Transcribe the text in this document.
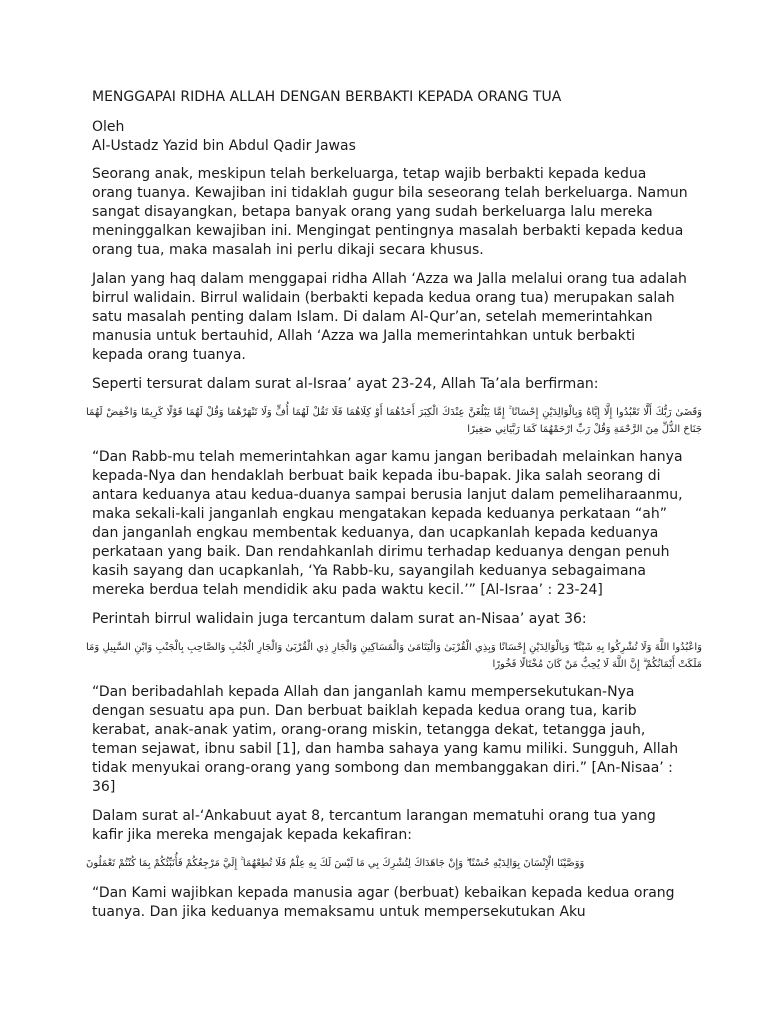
MENGGAPAI RIDHA ALLAH DENGAN BERBAKTI KEPADA ORANG TUA

Oleh

Al-Ustadz Yazid bin Abdul Qadir Jawas

Seorang anak, meskipun telah berkeluarga, tetap wajib berbakti kepada kedua orang tuanya. Kewajiban ini tidaklah gugur bila seseorang telah berkeluarga. Namun sangat disayangkan, betapa banyak orang yang sudah berkeluarga lalu mereka meninggalkan kewajiban ini. Mengingat pentingnya masalah berbakti kepada kedua orang tua, maka masalah ini perlu dikaji secara khusus.

Jalan yang haq dalam menggapai ridha Allah ‘Azza wa Jalla melalui orang tua adalah birrul walidain. Birrul walidain (berbakti kepada kedua orang tua) merupakan salah satu masalah penting dalam Islam. Di dalam Al-Qur’an, setelah memerintahkan manusia untuk bertauhid, Allah ‘Azza wa Jalla memerintahkan untuk berbakti kepada orang tuanya.

Seperti tersurat dalam surat al-Israa’ ayat 23-24, Allah Ta’ala berfirman:

وَقَضَىٰ رَبُّكَ أَلَّا تَعْبُدُوا إِلَّا إِيَّاهُ وَبِالْوَالِدَيْنِ إِحْسَانًا ۚ إِمَّا يَبْلُغَنَّ عِنْدَكَ الْكِبَرَ أَحَدُهُمَا أَوْ كِلَاهُمَا فَلَا تَقُلْ لَهُمَا أُفٍّ وَلَا تَنْهَرْهُمَا وَقُلْ لَهُمَا قَوْلًا كَرِيمًا وَاخْفِضْ لَهُمَا جَنَاحَ الذُّلِّ مِنَ الرَّحْمَةِ وَقُلْ رَبِّ ارْحَمْهُمَا كَمَا رَبَّيَانِي صَغِيرًا

“Dan Rabb-mu telah memerintahkan agar kamu jangan beribadah melainkan hanya kepada-Nya dan hendaklah berbuat baik kepada ibu-bapak. Jika salah seorang di antara keduanya atau kedua-duanya sampai berusia lanjut dalam pemeliharaanmu, maka sekali-kali janganlah engkau mengatakan kepada keduanya perkataan “ah” dan janganlah engkau membentak keduanya, dan ucapkanlah kepada keduanya perkataan yang baik. Dan rendahkanlah dirimu terhadap keduanya dengan penuh kasih sayang dan ucapkanlah, ‘Ya Rabb-ku, sayangilah keduanya sebagaimana mereka berdua telah mendidik aku pada waktu kecil.’” [Al-Israa’ : 23-24]

Perintah birrul walidain juga tercantum dalam surat an-Nisaa’ ayat 36:

وَاعْبُدُوا اللَّهَ وَلَا تُشْرِكُوا بِهِ شَيْئًا ۖ وَبِالْوَالِدَيْنِ إِحْسَانًا وَبِذِي الْقُرْبَىٰ وَالْيَتَامَىٰ وَالْمَسَاكِينِ وَالْجَارِ ذِي الْقُرْبَىٰ وَالْجَارِ الْجُنُبِ وَالصَّاحِبِ بِالْجَنْبِ وَابْنِ السَّبِيلِ وَمَا مَلَكَتْ أَيْمَانُكُمْ ۗ إِنَّ اللَّهَ لَا يُحِبُّ مَنْ كَانَ مُخْتَالًا فَخُورًا

“Dan beribadahlah kepada Allah dan janganlah kamu mempersekutukan-Nya dengan sesuatu apa pun. Dan berbuat baiklah kepada kedua orang tua, karib kerabat, anak-anak yatim, orang-orang miskin, tetangga dekat, tetangga jauh, teman sejawat, ibnu sabil [1], dan hamba sahaya yang kamu miliki. Sungguh, Allah tidak menyukai orang-orang yang sombong dan membanggakan diri.” [An-Nisaa’ : 36]

Dalam surat al-‘Ankabuut ayat 8, tercantum larangan mematuhi orang tua yang kafir jika mereka mengajak kepada kekafiran:

وَوَصَّيْنَا الْإِنْسَانَ بِوَالِدَيْهِ حُسْنًا ۖ وَإِنْ جَاهَدَاكَ لِتُشْرِكَ بِي مَا لَيْسَ لَكَ بِهِ عِلْمٌ فَلَا تُطِعْهُمَا ۚ إِلَيَّ مَرْجِعُكُمْ فَأُنَبِّئُكُمْ بِمَا كُنْتُمْ تَعْمَلُونَ

“Dan Kami wajibkan kepada manusia agar (berbuat) kebaikan kepada kedua orang tuanya. Dan jika keduanya memaksamu untuk mempersekutukan Aku
